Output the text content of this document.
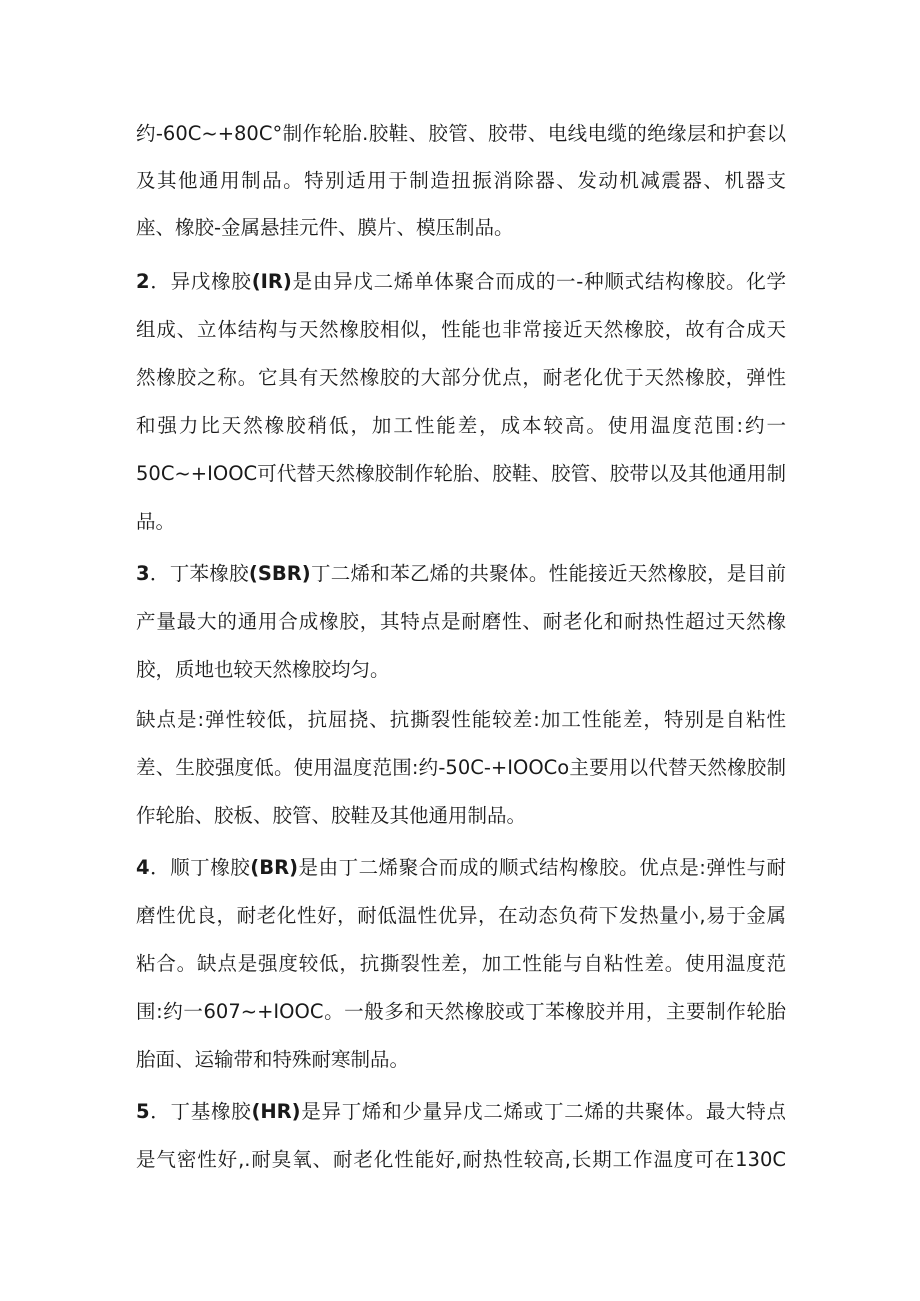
约-60C~+80C°制作轮胎.胶鞋、胶管、胶带、电线电缆的绝缘层和护套以
及其他通用制品。特别适用于制造扭振消除器、发动机减震器、机器支
座、橡胶-金属悬挂元件、膜片、模压制品。
2．异戊橡胶(IR)是由异戊二烯单体聚合而成的一-种顺式结构橡胶。化学
组成、立体结构与天然橡胶相似，性能也非常接近天然橡胶，故有合成天
然橡胶之称。它具有天然橡胶的大部分优点，耐老化优于天然橡胶，弹性
和强力比天然橡胶稍低，加工性能差，成本较高。使用温度范围:约一
50C~+IOOC可代替天然橡胶制作轮胎、胶鞋、胶管、胶带以及其他通用制
品。
3．丁苯橡胶(SBR)丁二烯和苯乙烯的共聚体。性能接近天然橡胶，是目前
产量最大的通用合成橡胶，其特点是耐磨性、耐老化和耐热性超过天然橡
胶，质地也较天然橡胶均匀。
缺点是:弹性较低，抗屈挠、抗撕裂性能较差:加工性能差，特别是自粘性
差、生胶强度低。使用温度范围:约-50C-+IOOCo主要用以代替天然橡胶制
作轮胎、胶板、胶管、胶鞋及其他通用制品。
4．顺丁橡胶(BR)是由丁二烯聚合而成的顺式结构橡胶。优点是:弹性与耐
磨性优良，耐老化性好，耐低温性优异，在动态负荷下发热量小,易于金属
粘合。缺点是强度较低，抗撕裂性差，加工性能与自粘性差。使用温度范
围:约一607~+IOOC。一般多和天然橡胶或丁苯橡胶并用，主要制作轮胎
胎面、运输带和特殊耐寒制品。
5．丁基橡胶(HR)是异丁烯和少量异戊二烯或丁二烯的共聚体。最大特点
是气密性好,.耐臭氧、耐老化性能好,耐热性较高,长期工作温度可在130C
